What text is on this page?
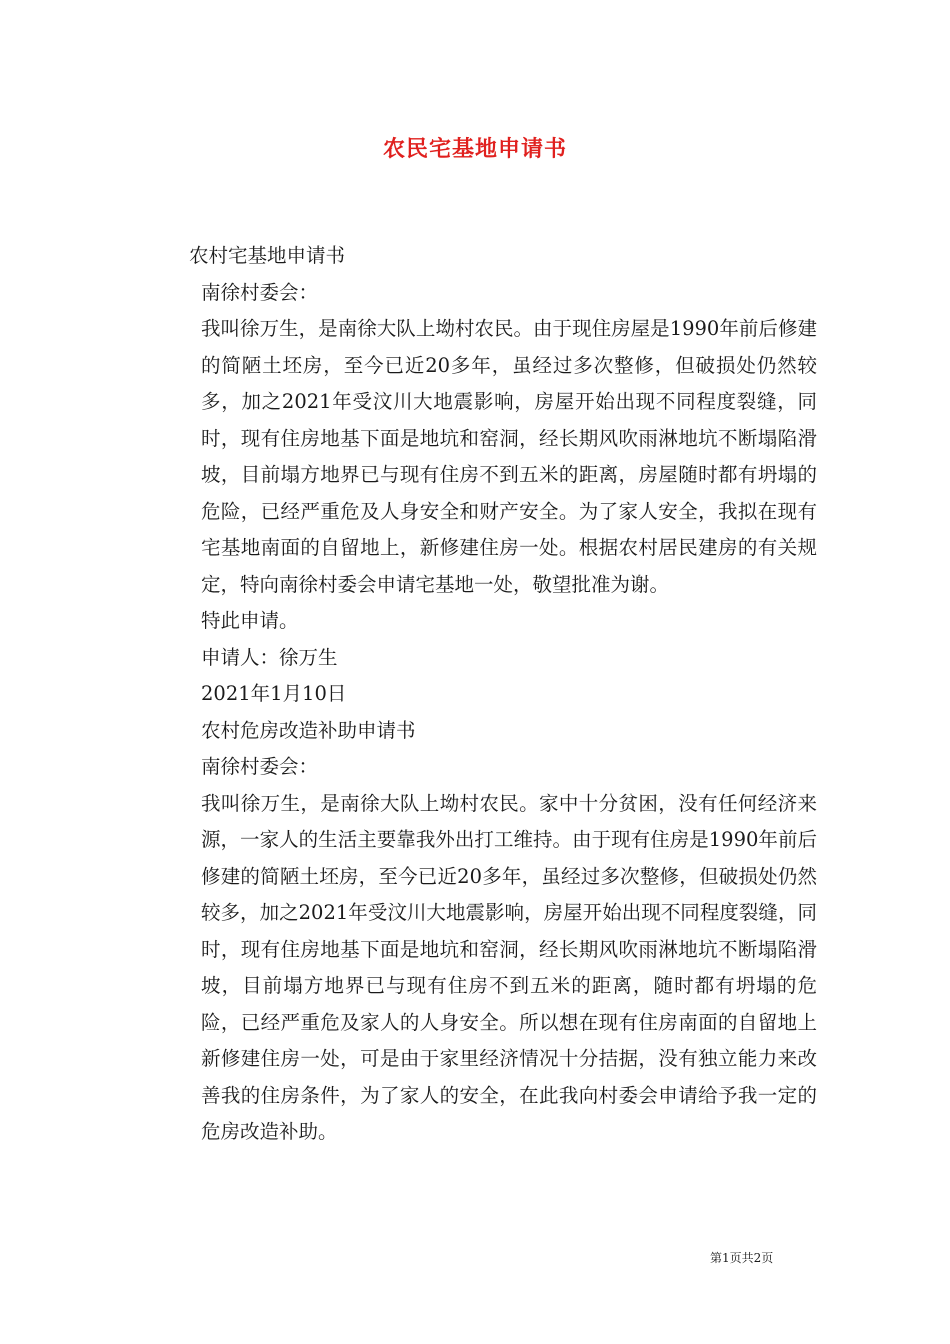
农民宅基地申请书
农村宅基地申请书
南徐村委会：
我叫徐万生，是南徐大队上坳村农民。由于现住房屋是1990年前后修建的简陋土坯房，至今已近20多年，虽经过多次整修，但破损处仍然较多，加之2021年受汶川大地震影响，房屋开始出现不同程度裂缝，同时，现有住房地基下面是地坑和窑洞，经长期风吹雨淋地坑不断塌陷滑坡，目前塌方地界已与现有住房不到五米的距离，房屋随时都有坍塌的危险，已经严重危及人身安全和财产安全。为了家人安全，我拟在现有宅基地南面的自留地上，新修建住房一处。根据农村居民建房的有关规定，特向南徐村委会申请宅基地一处，敬望批准为谢。
特此申请。
申请人：徐万生
2021年1月10日
农村危房改造补助申请书
南徐村委会：
我叫徐万生，是南徐大队上坳村农民。家中十分贫困，没有任何经济来源，一家人的生活主要靠我外出打工维持。由于现有住房是1990年前后修建的简陋土坯房，至今已近20多年，虽经过多次整修，但破损处仍然较多，加之2021年受汶川大地震影响，房屋开始出现不同程度裂缝，同时，现有住房地基下面是地坑和窑洞，经长期风吹雨淋地坑不断塌陷滑坡，目前塌方地界已与现有住房不到五米的距离，随时都有坍塌的危险，已经严重危及家人的人身安全。所以想在现有住房南面的自留地上新修建住房一处，可是由于家里经济情况十分拮据，没有独立能力来改善我的住房条件，为了家人的安全，在此我向村委会申请给予我一定的危房改造补助。
第1页共2页
